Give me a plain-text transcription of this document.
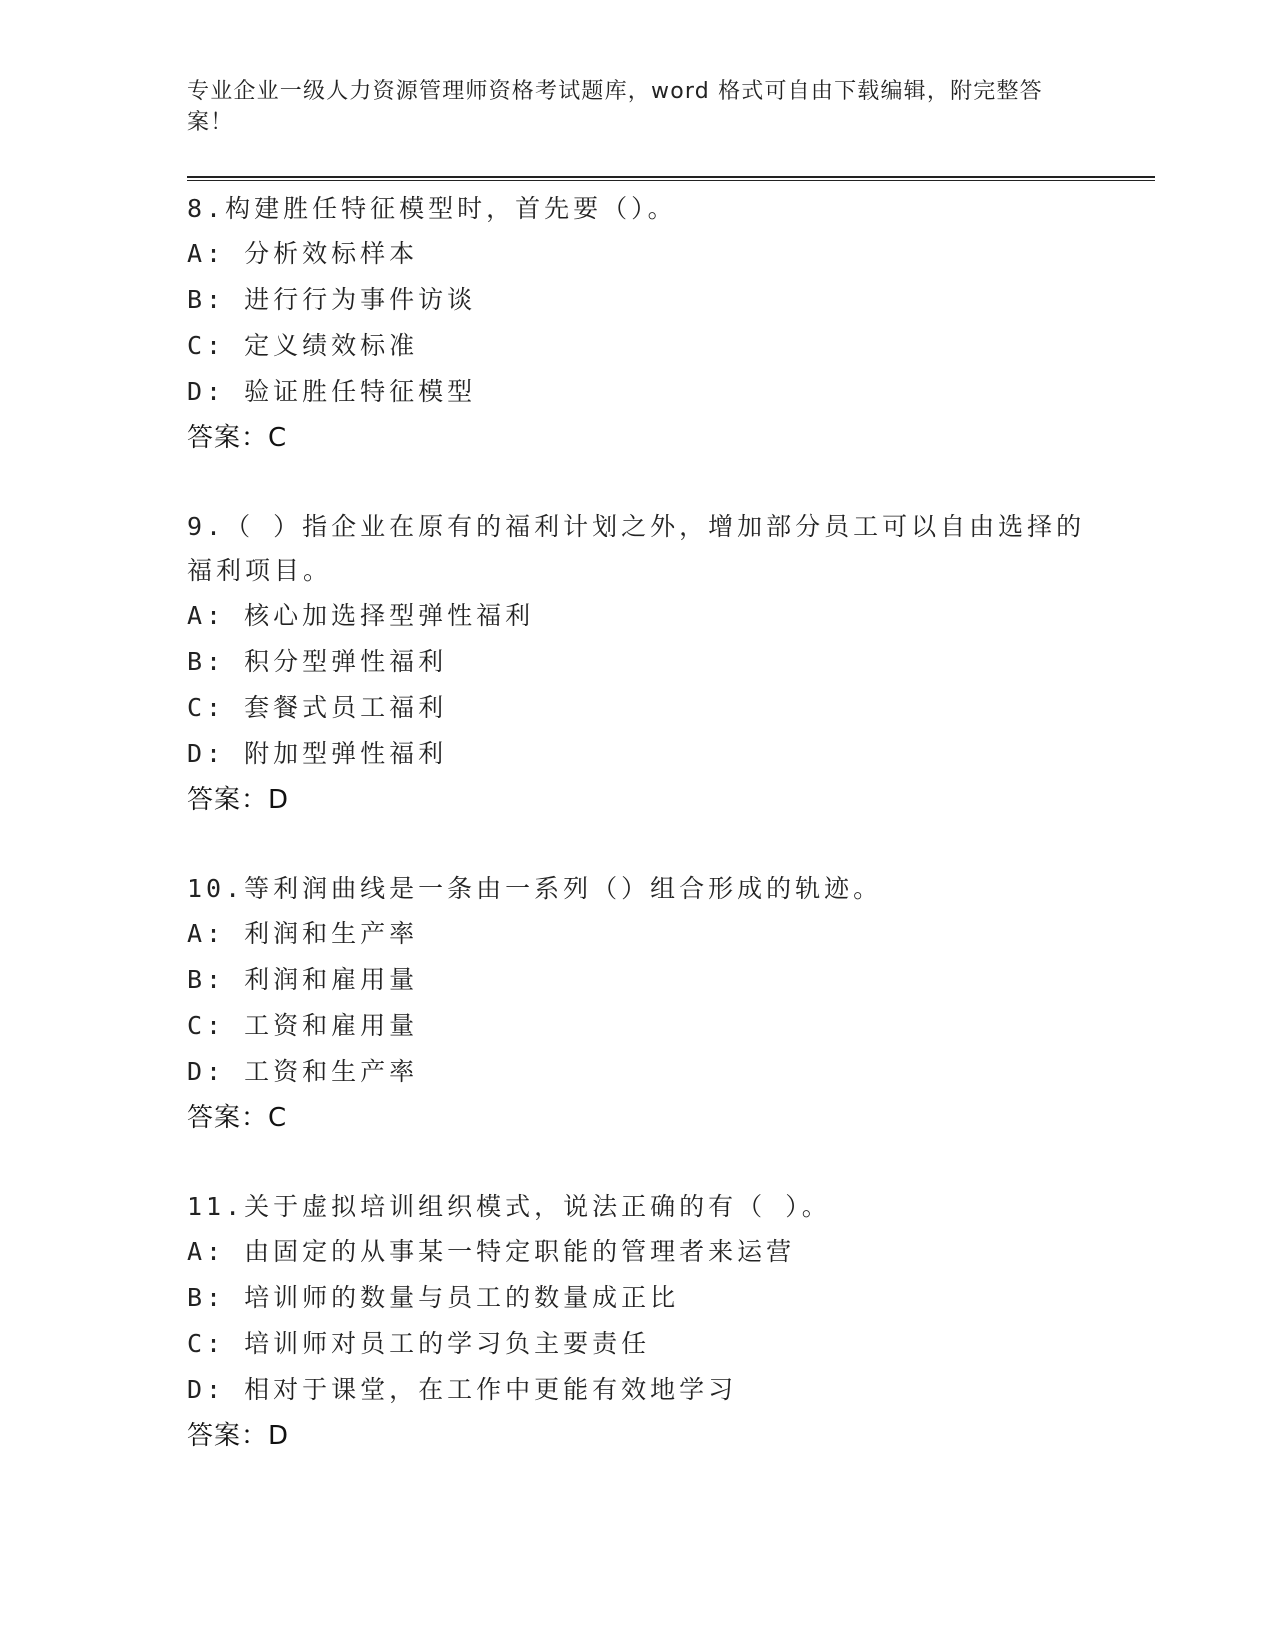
专业企业一级人力资源管理师资格考试题库，word 格式可自由下载编辑，附完整答案！
8.构建胜任特征模型时，首先要（）。
A: 分析效标样本
B: 进行行为事件访谈
C: 定义绩效标准
D: 验证胜任特征模型
答案：C
9.（ ）指企业在原有的福利计划之外，增加部分员工可以自由选择的福利项目。
A: 核心加选择型弹性福利
B: 积分型弹性福利
C: 套餐式员工福利
D: 附加型弹性福利
答案：D
10.等利润曲线是一条由一系列（）组合形成的轨迹。
A: 利润和生产率
B: 利润和雇用量
C: 工资和雇用量
D: 工资和生产率
答案：C
11.关于虚拟培训组织模式，说法正确的有（ ）。
A: 由固定的从事某一特定职能的管理者来运营
B: 培训师的数量与员工的数量成正比
C: 培训师对员工的学习负主要责任
D: 相对于课堂，在工作中更能有效地学习
答案：D
